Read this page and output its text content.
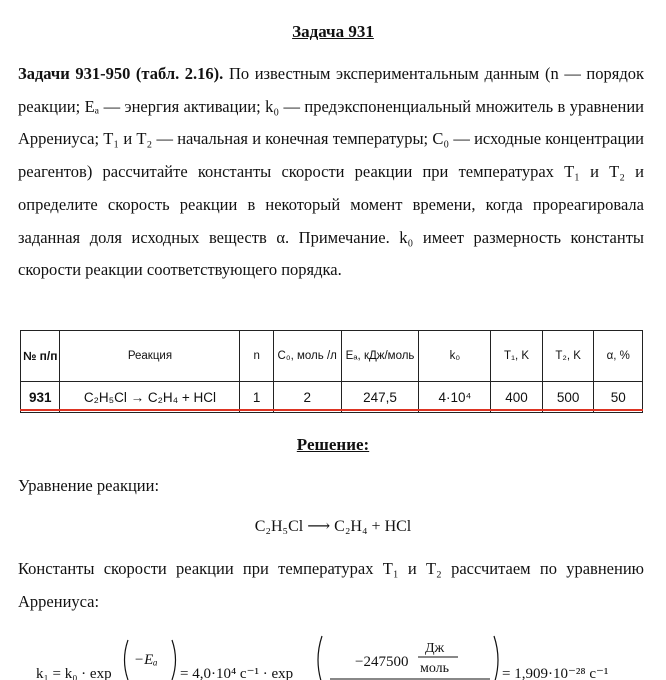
Задача 931
Задачи 931-950 (табл. 2.16). По известным экспериментальным данным (n — порядок реакции; Eₐ — энергия активации; k₀ — предэкспоненциальный множитель в уравнении Аррениуса; T₁ и T₂ — начальная и конечная температуры; C₀ — исходные концентрации реагентов) рассчитайте константы скорости реакции при температурах T₁ и T₂ и определите скорость реакции в некоторый момент времени, когда прореагировала заданная доля исходных веществ α. Примечание. k₀ имеет размерность константы скорости реакции соответствующего порядка.
№ п/п	Реакция	n	C₀, моль /л	Eₐ, кДж/моль	k₀	T₁, K	T₂, K	α, %
931	C₂H₅Cl → C₂H₄ + HCl	1	2	247,5	4·10⁴	400	500	50
Решение:
Уравнение реакции:
C₂H₅Cl ⟶ C₂H₄ + HCl
Константы скорости реакции при температурах T₁ и T₂ рассчитаем по уравнению Аррениуса:
k₁ = k₀ · exp
−Eₐ
= 4,0·10⁴ с⁻¹ · exp
−247500
Дж
моль	= 1,909·10⁻²⁸ с⁻¹
